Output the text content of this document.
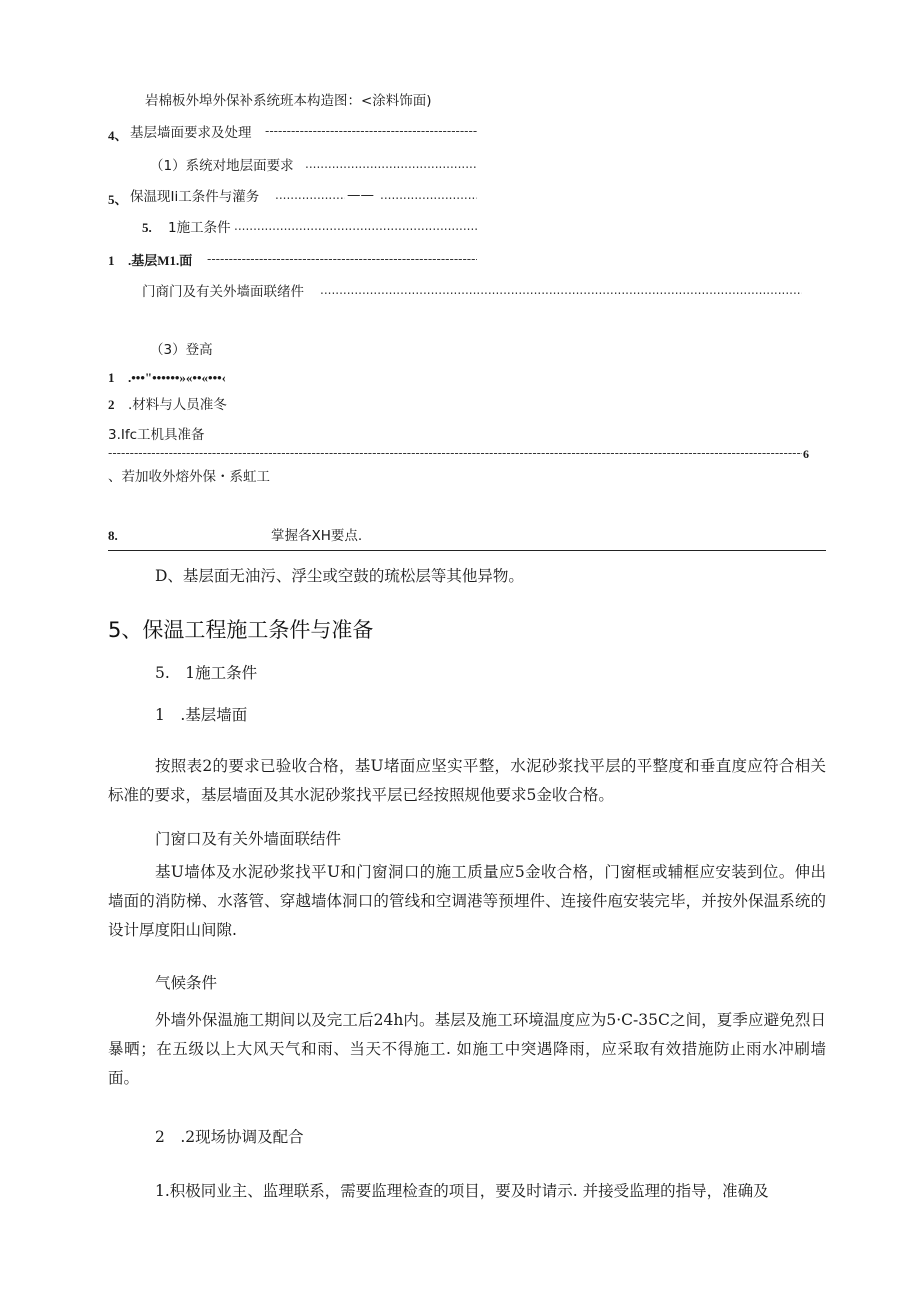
岩棉板外埠外保补系统班本构造图：<涂料饰面)
4、 基层墙面要求及处理
-----
（1）系统对地层面要求
.....
5、 保温现Ii工条件与灌务
.....	——
.....
5. 1施工条件
.....
1 .基层M1.面
-----
门商门及有关外墙面联绪件
.....
（3）登高
1 .•••"••••••»«••«•••‹
2 .材料与人员准冬
3.Ifc工机具准备
-----
6
、若加收外熔外保・系虹工
8.	掌握各XH要点.
D、基层面无油污、浮尘或空鼓的琉松层等其他异物。
5、保温工程施工条件与准备
5.　1施工条件
1　.基层墙面
按照表2的要求已验收合格，基U堵面应坚实平整，水泥砂浆找平层的平整度和垂直度应符合相关标准的要求，基层墙面及其水泥砂浆找平层已经按照规他要求5金收合格。
门窗口及有关外墙面联结件
基U墙体及水泥砂浆找平U和门窗洞口的施工质量应5金收合格，门窗框或辅框应安装到位。伸出墙面的消防梯、水落管、穿越墙体洞口的管线和空调港等预埋件、连接件庖安装完毕，并按外保温系统的设计厚度阳山间隙.
气候条件
外墙外保温施工期间以及完工后24h内。基层及施工环境温度应为5·C-35C之间，夏季应避免烈日暴晒；在五级以上大风天气和雨、当天不得施工. 如施工中突遇降雨，应采取有效措施防止雨水冲刷墙面。
2　.2现场协调及配合
1.积极同业主、监理联系，需要监理检查的项目，要及时请示. 并接受监理的指导，准确及
